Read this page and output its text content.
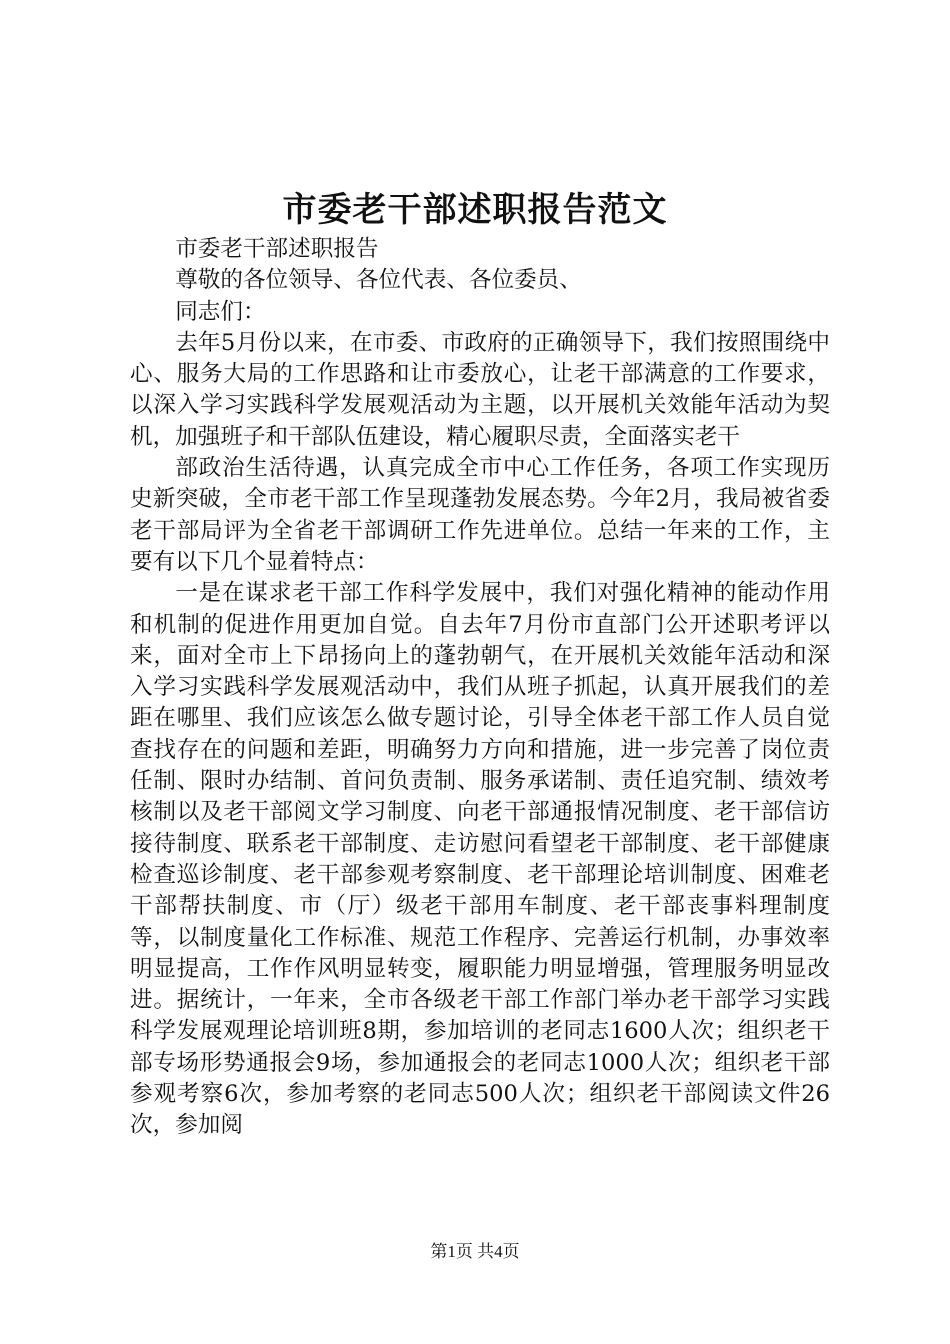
市委老干部述职报告范文

市委老干部述职报告

尊敬的各位领导、各位代表、各位委员、

同志们：

去年5月份以来，在市委、市政府的正确领导下，我们按照围绕中心、服务大局的工作思路和让市委放心，让老干部满意的工作要求，以深入学习实践科学发展观活动为主题，以开展机关效能年活动为契机，加强班子和干部队伍建设，精心履职尽责，全面落实老干

部政治生活待遇，认真完成全市中心工作任务，各项工作实现历史新突破，全市老干部工作呈现蓬勃发展态势。今年2月，我局被省委老干部局评为全省老干部调研工作先进单位。总结一年来的工作，主要有以下几个显着特点：

一是在谋求老干部工作科学发展中，我们对强化精神的能动作用和机制的促进作用更加自觉。自去年7月份市直部门公开述职考评以来，面对全市上下昂扬向上的蓬勃朝气，在开展机关效能年活动和深入学习实践科学发展观活动中，我们从班子抓起，认真开展我们的差距在哪里、我们应该怎么做专题讨论，引导全体老干部工作人员自觉查找存在的问题和差距，明确努力方向和措施，进一步完善了岗位责任制、限时办结制、首问负责制、服务承诺制、责任追究制、绩效考核制以及老干部阅文学习制度、向老干部通报情况制度、老干部信访接待制度、联系老干部制度、走访慰问看望老干部制度、老干部健康检查巡诊制度、老干部参观考察制度、老干部理论培训制度、困难老干部帮扶制度、市（厅）级老干部用车制度、老干部丧事料理制度等，以制度量化工作标准、规范工作程序、完善运行机制，办事效率明显提高，工作作风明显转变，履职能力明显增强，管理服务明显改进。据统计，一年来，全市各级老干部工作部门举办老干部学习实践科学发展观理论培训班8期，参加培训的老同志1600人次；组织老干部专场形势通报会9场，参加通报会的老同志1000人次；组织老干部参观考察6次，参加考察的老同志500人次；组织老干部阅读文件26次，参加阅

第1页 共4页
